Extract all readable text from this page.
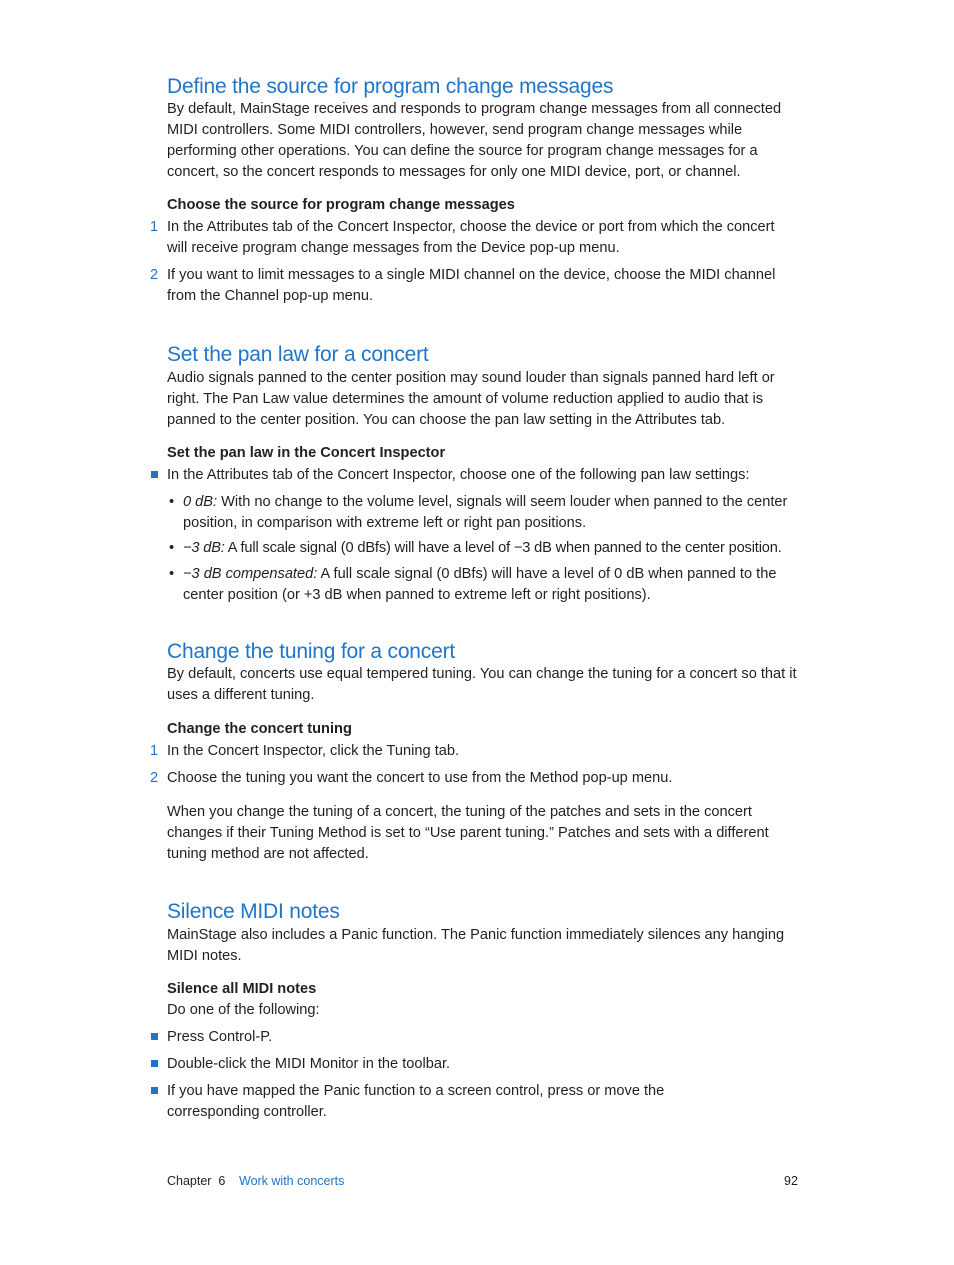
Define the source for program change messages

By default, MainStage receives and responds to program change messages from all connected MIDI controllers. Some MIDI controllers, however, send program change messages while performing other operations. You can define the source for program change messages for a concert, so the concert responds to messages for only one MIDI device, port, or channel.

Choose the source for program change messages

1 In the Attributes tab of the Concert Inspector, choose the device or port from which the concert will receive program change messages from the Device pop-up menu.

2 If you want to limit messages to a single MIDI channel on the device, choose the MIDI channel from the Channel pop-up menu.

Set the pan law for a concert

Audio signals panned to the center position may sound louder than signals panned hard left or right. The Pan Law value determines the amount of volume reduction applied to audio that is panned to the center position. You can choose the pan law setting in the Attributes tab.

Set the pan law in the Concert Inspector

In the Attributes tab of the Concert Inspector, choose one of the following pan law settings:

• 0 dB: With no change to the volume level, signals will seem louder when panned to the center position, in comparison with extreme left or right pan positions.

• −3 dB: A full scale signal (0 dBfs) will have a level of −3 dB when panned to the center position.

• −3 dB compensated: A full scale signal (0 dBfs) will have a level of 0 dB when panned to the center position (or +3 dB when panned to extreme left or right positions).

Change the tuning for a concert

By default, concerts use equal tempered tuning. You can change the tuning for a concert so that it uses a different tuning.

Change the concert tuning

1 In the Concert Inspector, click the Tuning tab.

2 Choose the tuning you want the concert to use from the Method pop-up menu.

When you change the tuning of a concert, the tuning of the patches and sets in the concert changes if their Tuning Method is set to “Use parent tuning.” Patches and sets with a different tuning method are not affected.

Silence MIDI notes

MainStage also includes a Panic function. The Panic function immediately silences any hanging MIDI notes.

Silence all MIDI notes

Do one of the following:

Press Control-P.

Double-click the MIDI Monitor in the toolbar.

If you have mapped the Panic function to a screen control, press or move the corresponding controller.

Chapter  6 Work with concerts	92
